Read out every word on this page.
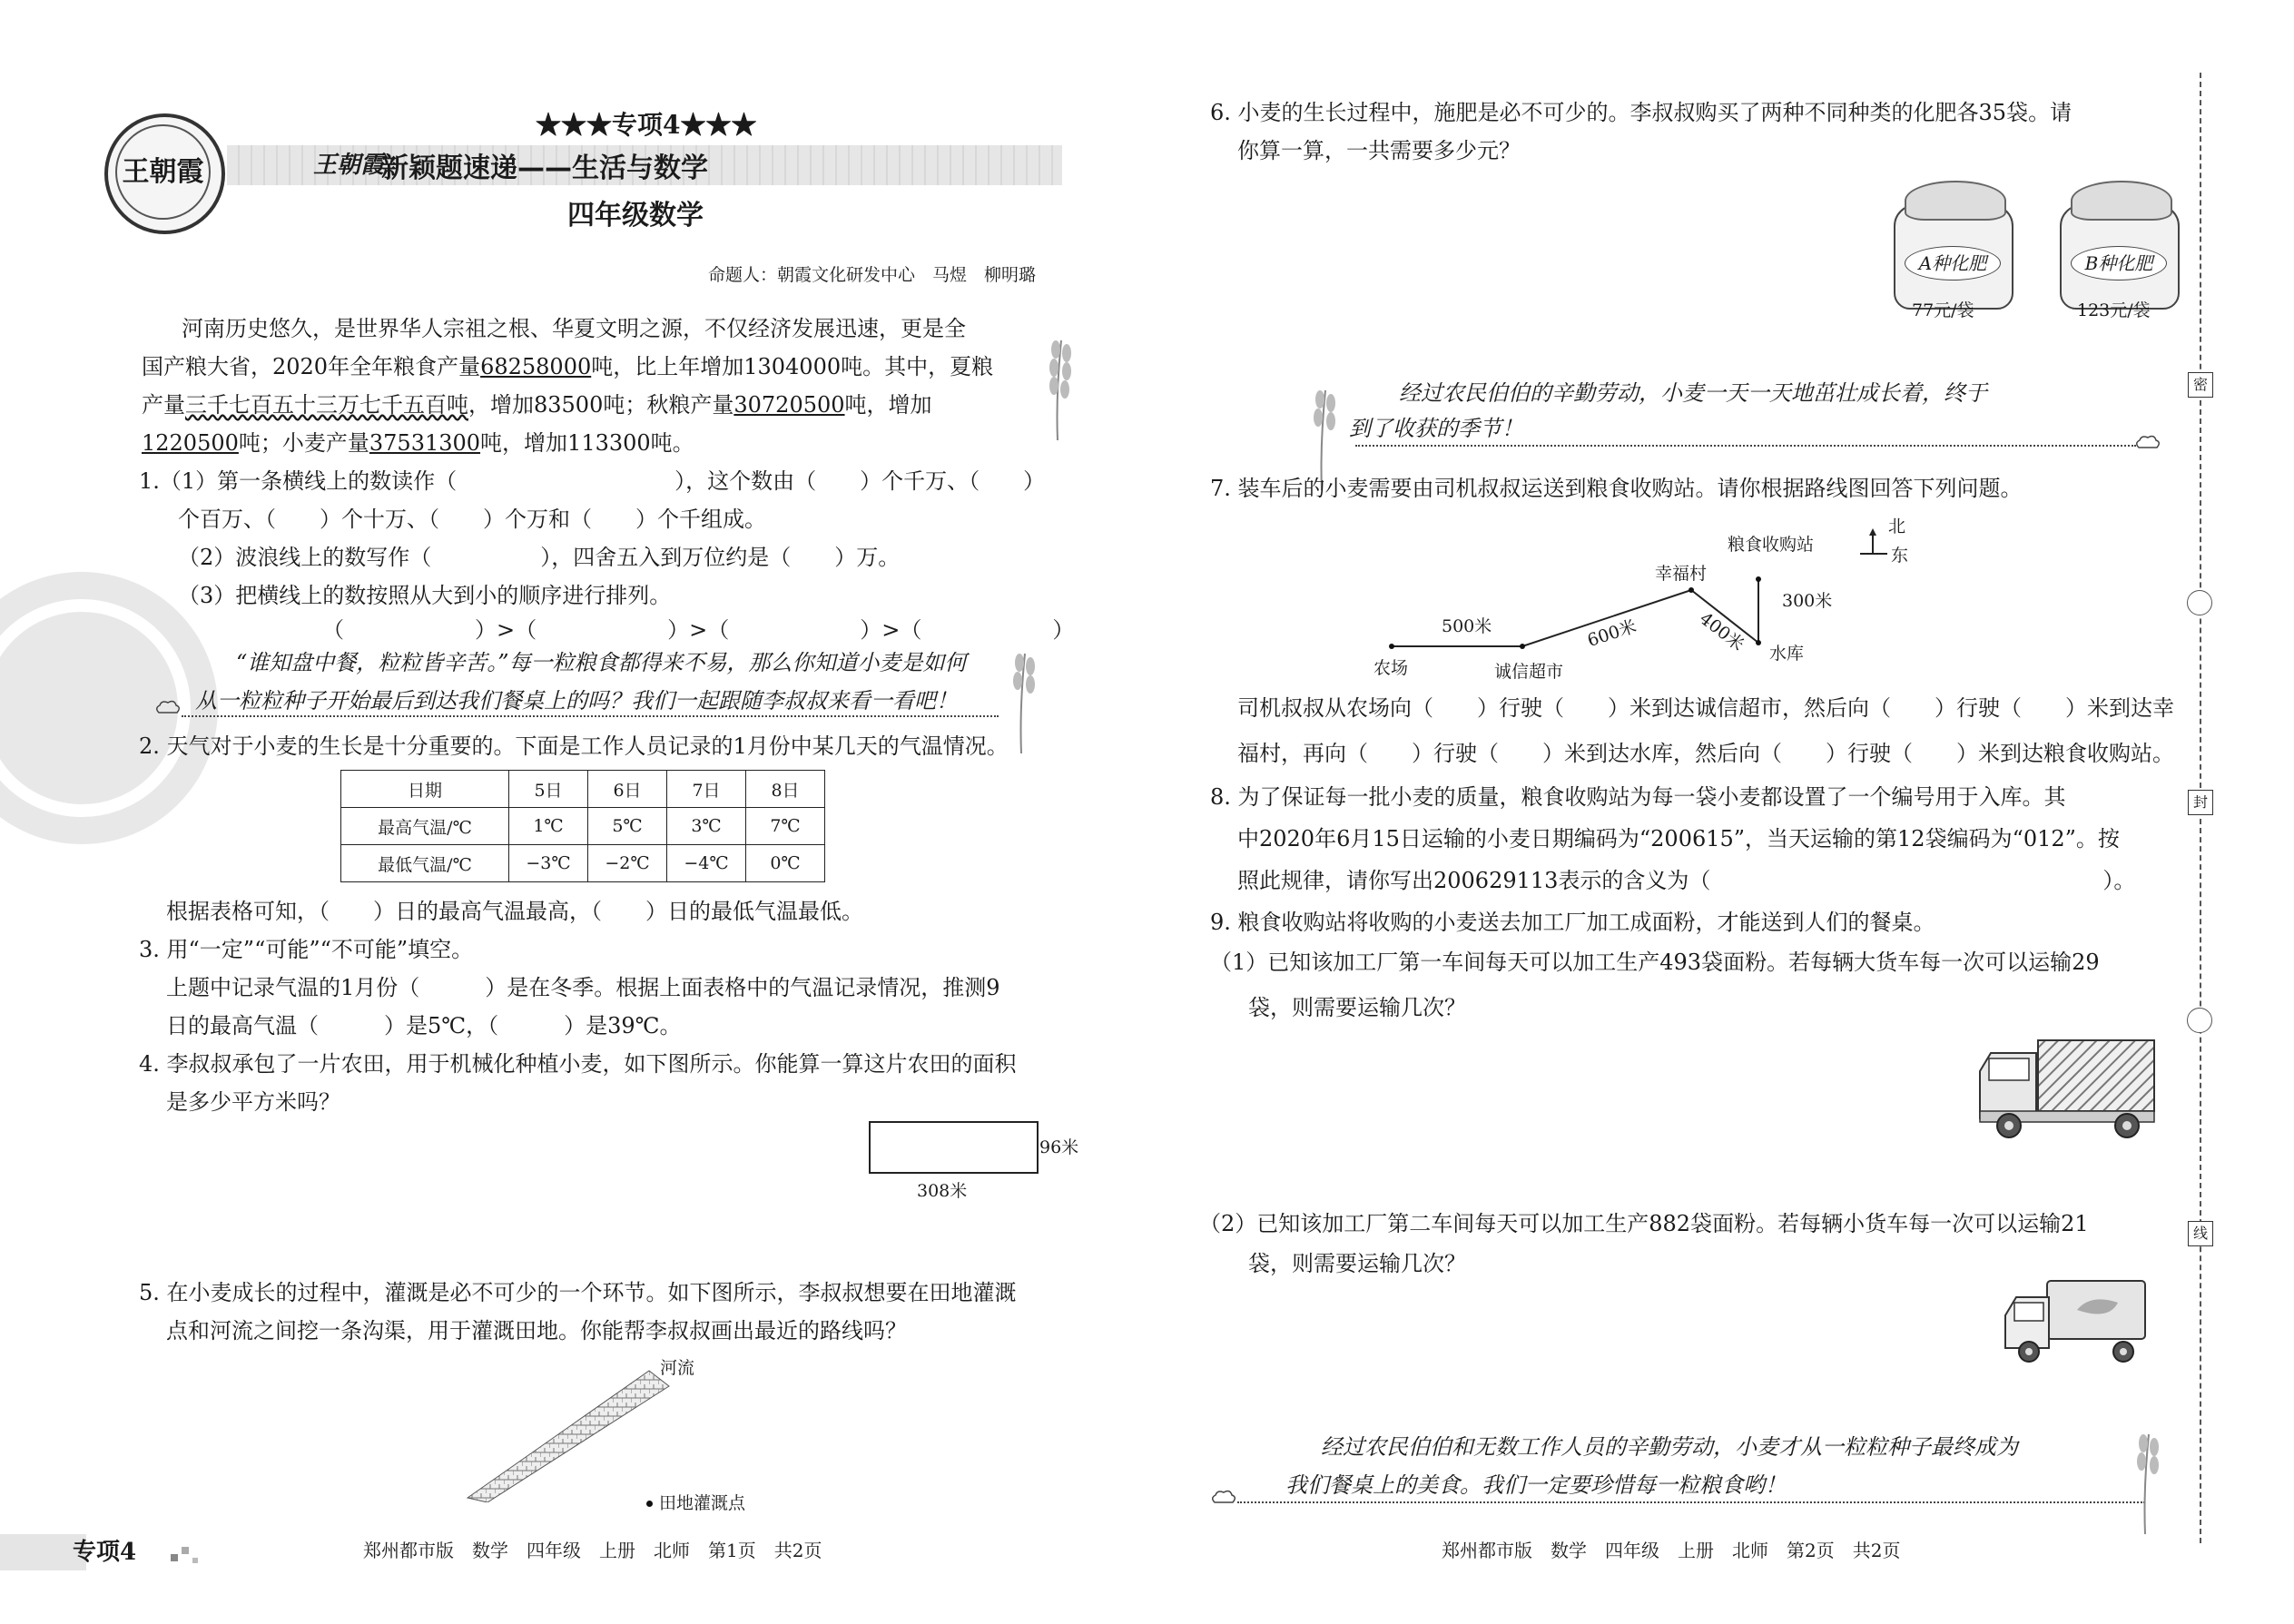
王朝霞
★★★专项4★★★
王朝霞
新颖题速递——生活与数学
四年级数学
命题人：朝霞文化研发中心　马煜　柳明璐
河南历史悠久，是世界华人宗祖之根、华夏文明之源，不仅经济发展迅速，更是全
国产粮大省，2020年全年粮食产量68258000吨，比上年增加1304000吨。其中，夏粮
产量三千七百五十三万七千五百吨，增加83500吨；秋粮产量30720500吨，增加
1220500吨；小麦产量37531300吨，增加113300吨。
1.（1）第一条横线上的数读作（　　　　　　　　　　），这个数由（　　）个千万、（　　）
个百万、（　　）个十万、（　　）个万和（　　）个千组成。
（2）波浪线上的数写作（　　　　　），四舍五入到万位约是（　　）万。
（3）把横线上的数按照从大到小的顺序进行排列。
（　　　　　　）>（　　　　　　）>（　　　　　　）>（　　　　　　）
“谁知盘中餐，粒粒皆辛苦。”每一粒粮食都得来不易，那么你知道小麦是如何
从一粒粒种子开始最后到达我们餐桌上的吗？我们一起跟随李叔叔来看一看吧！
2. 天气对于小麦的生长是十分重要的。下面是工作人员记录的1月份中某几天的气温情况。
日期	5日	6日	7日	8日
最高气温/℃	1℃	5℃	3℃	7℃
最低气温/℃	−3℃	−2℃	−4℃	0℃
根据表格可知，（　　）日的最高气温最高，（　　）日的最低气温最低。
3. 用“一定”“可能”“不可能”填空。
上题中记录气温的1月份（　　　）是在冬季。根据上面表格中的气温记录情况，推测9
日的最高气温（　　　）是5℃，（　　　）是39℃。
4. 李叔叔承包了一片农田，用于机械化种植小麦，如下图所示。你能算一算这片农田的面积
是多少平方米吗？
96米
308米
5. 在小麦成长的过程中，灌溉是必不可少的一个环节。如下图所示，李叔叔想要在田地灌溉
点和河流之间挖一条沟渠，用于灌溉田地。你能帮李叔叔画出最近的路线吗？
河流
田地灌溉点
专项4	郑州都市版　数学　四年级　上册　北师　第1页　共2页
6. 小麦的生长过程中，施肥是必不可少的。李叔叔购买了两种不同种类的化肥各35袋。请
你算一算，一共需要多少元？
A种化肥
77元/袋
B种化肥
123元/袋
经过农民伯伯的辛勤劳动，小麦一天一天地茁壮成长着，终于
到了收获的季节！
7. 装车后的小麦需要由司机叔叔运送到粮食收购站。请你根据路线图回答下列问题。
北
东
农场	诚信超市
幸福村
水库
粮食收购站
500米	600米	400米
300米
司机叔叔从农场向（　　）行驶（　　）米到达诚信超市，然后向（　　）行驶（　　）米到达幸
福村，再向（　　）行驶（　　）米到达水库，然后向（　　）行驶（　　）米到达粮食收购站。
8. 为了保证每一批小麦的质量，粮食收购站为每一袋小麦都设置了一个编号用于入库。其
中2020年6月15日运输的小麦日期编码为“200615”，当天运输的第12袋编码为“012”。按
照此规律，请你写出200629113表示的含义为（　　　　　　　　　　　　　　　　　　）。
9. 粮食收购站将收购的小麦送去加工厂加工成面粉，才能送到人们的餐桌。
（1）已知该加工厂第一车间每天可以加工生产493袋面粉。若每辆大货车每一次可以运输29
袋，则需要运输几次？
（2）已知该加工厂第二车间每天可以加工生产882袋面粉。若每辆小货车每一次可以运输21
袋，则需要运输几次？
经过农民伯伯和无数工作人员的辛勤劳动，小麦才从一粒粒种子最终成为
我们餐桌上的美食。我们一定要珍惜每一粒粮食哟！
郑州都市版　数学　四年级　上册　北师　第2页　共2页
密
封
线
